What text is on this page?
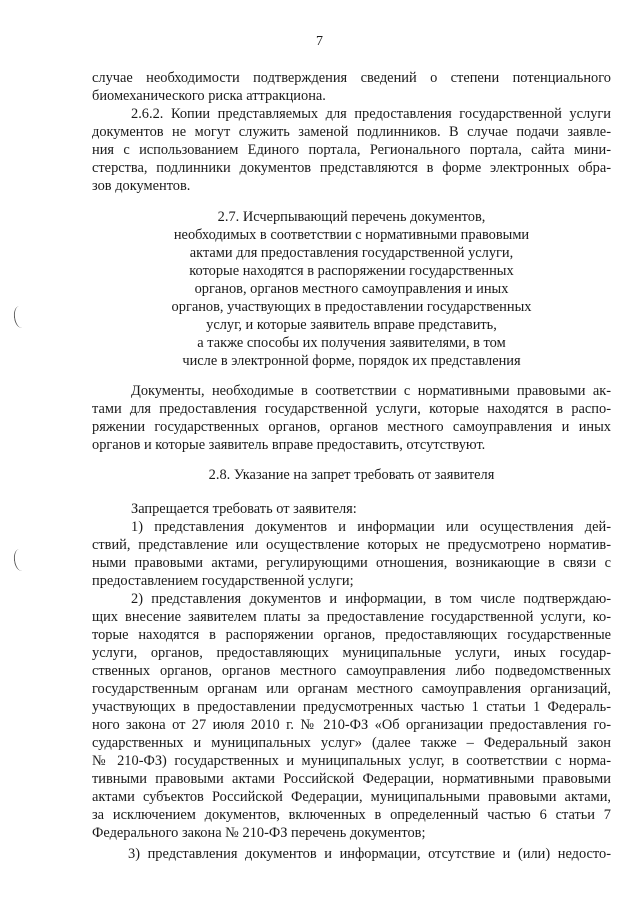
7
случае необходимости подтверждения сведений о степени потенциального
биомеханического риска аттракциона.
2.6.2. Копии представляемых для предоставления государственной услуги
документов не могут служить заменой подлинников. В случае подачи заявле-
ния с использованием Единого портала, Регионального портала, сайта мини-
стерства, подлинники документов представляются в форме электронных обра-
зов документов.
2.7. Исчерпывающий перечень документов,
необходимых в соответствии с нормативными правовыми
актами для предоставления государственной услуги,
которые находятся в распоряжении государственных
органов, органов местного самоуправления и иных
органов, участвующих в предоставлении государственных
услуг, и которые заявитель вправе представить,
а также способы их получения заявителями, в том
числе в электронной форме, порядок их представления
Документы, необходимые в соответствии с нормативными правовыми ак-
тами для предоставления государственной услуги, которые находятся в распо-
ряжении государственных органов, органов местного самоуправления и иных
органов и которые заявитель вправе предоставить, отсутствуют.
2.8. Указание на запрет требовать от заявителя
Запрещается требовать от заявителя:
1) представления документов и информации или осуществления дей-
ствий, представление или осуществление которых не предусмотрено норматив-
ными правовыми актами, регулирующими отношения, возникающие в связи с
предоставлением государственной услуги;
2) представления документов и информации, в том числе подтверждаю-
щих внесение заявителем платы за предоставление государственной услуги, ко-
торые находятся в распоряжении органов, предоставляющих государственные
услуги, органов, предоставляющих муниципальные услуги, иных государ-
ственных органов, органов местного самоуправления либо подведомственных
государственным органам или органам местного самоуправления организаций,
участвующих в предоставлении предусмотренных частью 1 статьи 1 Федераль-
ного закона от 27 июля 2010 г. № 210-ФЗ «Об организации предоставления го-
сударственных и муниципальных услуг» (далее также – Федеральный закон
№ 210-ФЗ) государственных и муниципальных услуг, в соответствии с норма-
тивными правовыми актами Российской Федерации, нормативными правовыми
актами субъектов Российской Федерации, муниципальными правовыми актами,
за исключением документов, включенных в определенный частью 6 статьи 7
Федерального закона № 210-ФЗ перечень документов;
3) представления документов и информации, отсутствие и (или) недосто-
